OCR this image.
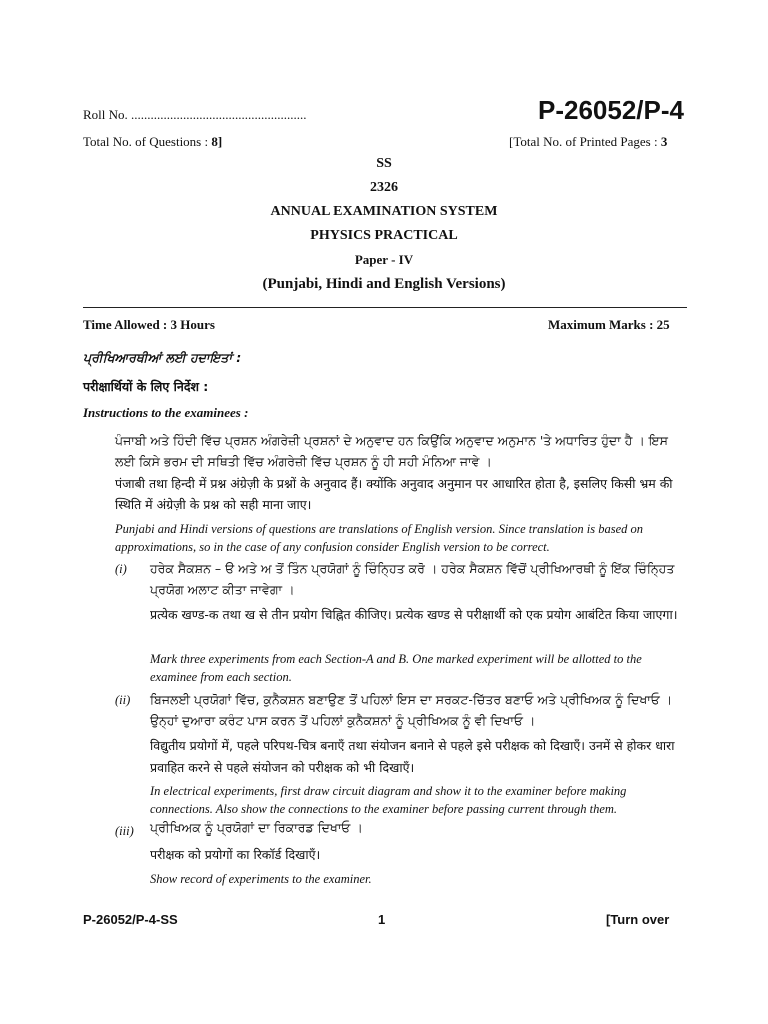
Roll No. ......................................................	P-26052/P-4
Total No. of Questions : 8]	[Total No. of Printed Pages : 3
SS
2326
ANNUAL EXAMINATION SYSTEM
PHYSICS PRACTICAL
Paper - IV
(Punjabi, Hindi and English Versions)
Time Allowed : 3 Hours	Maximum Marks : 25
ਪ੍ਰੀਖਿਆਰਥੀਆਂ ਲਈ ਹਦਾਇਤਾਂ :
परीक्षार्थियों के लिए निर्देश :
Instructions to the examinees :
ਪੰਜਾਬੀ ਅਤੇ ਹਿੰਦੀ ਵਿੱਚ ਪ੍ਰਸ਼ਨ ਅੰਗਰੇਜ਼ੀ ਪ੍ਰਸ਼ਨਾਂ ਦੇ ਅਨੁਵਾਦ ਹਨ ਕਿਉਂਕਿ ਅਨੁਵਾਦ ਅਨੁਮਾਨ 'ਤੇ ਅਧਾਰਿਤ ਹੁੰਦਾ ਹੈ । ਇਸ ਲਈ ਕਿਸੇ ਭਰਮ ਦੀ ਸਥਿਤੀ ਵਿੱਚ ਅੰਗਰੇਜ਼ੀ ਵਿੱਚ ਪ੍ਰਸ਼ਨ ਨੂੰ ਹੀ ਸਹੀ ਮੰਨਿਆ ਜਾਵੇ ।
पंजाबी तथा हिन्दी में प्रश्न अंग्रेज़ी के प्रश्नों के अनुवाद हैं। क्योंकि अनुवाद अनुमान पर आधारित होता है, इसलिए किसी भ्रम की स्थिति में अंग्रेज़ी के प्रश्न को सही माना जाए।
Punjabi and Hindi versions of questions are translations of English version. Since translation is based on approximations, so in the case of any confusion consider English version to be correct.
(i) ਹਰੇਕ ਸੈਕਸ਼ਨ – ੳ ਅਤੇ ਅ ਤੋਂ ਤਿੰਨ ਪ੍ਰਯੋਗਾਂ ਨੂੰ ਚਿੰਨ੍ਹਿਤ ਕਰੋ । ਹਰੇਕ ਸੈਕਸ਼ਨ ਵਿੱਚੋਂ ਪ੍ਰੀਖਿਆਰਥੀ ਨੂੰ ਇੱਕ ਚਿੰਨ੍ਹਿਤ ਪ੍ਰਯੋਗ ਅਲਾਟ ਕੀਤਾ ਜਾਵੇਗਾ ।
प्रत्येक खण्ड-क तथा ख से तीन प्रयोग चिह्नित कीजिए। प्रत्येक खण्ड से परीक्षार्थी को एक प्रयोग आबंटित किया जाएगा।
Mark three experiments from each Section-A and B. One marked experiment will be allotted to the examinee from each section.
(ii) ਬਿਜਲਈ ਪ੍ਰਯੋਗਾਂ ਵਿੱਚ, ਕੁਨੈਕਸ਼ਨ ਬਣਾਉਣ ਤੋਂ ਪਹਿਲਾਂ ਇਸ ਦਾ ਸਰਕਟ-ਚਿੱਤਰ ਬਣਾਓ ਅਤੇ ਪ੍ਰੀਖਿਅਕ ਨੂੰ ਦਿਖਾਓ । ਉਨ੍ਹਾਂ ਦੁਆਰਾ ਕਰੰਟ ਪਾਸ ਕਰਨ ਤੋਂ ਪਹਿਲਾਂ ਕੁਨੈਕਸ਼ਨਾਂ ਨੂੰ ਪ੍ਰੀਖਿਅਕ ਨੂੰ ਵੀ ਦਿਖਾਓ ।
विद्युतीय प्रयोगों में, पहले परिपथ-चित्र बनाएँ तथा संयोजन बनाने से पहले इसे परीक्षक को दिखाएँ। उनमें से होकर धारा प्रवाहित करने से पहले संयोजन को परीक्षक को भी दिखाएँ।
In electrical experiments, first draw circuit diagram and show it to the examiner before making connections. Also show the connections to the examiner before passing current through them.
(iii) ਪ੍ਰੀਖਿਅਕ ਨੂੰ ਪ੍ਰਯੋਗਾਂ ਦਾ ਰਿਕਾਰਡ ਦਿਖਾਓ ।
परीक्षक को प्रयोगों का रिकॉर्ड दिखाएँ।
Show record of experiments to the examiner.
P-26052/P-4-SS	1	[Turn over
